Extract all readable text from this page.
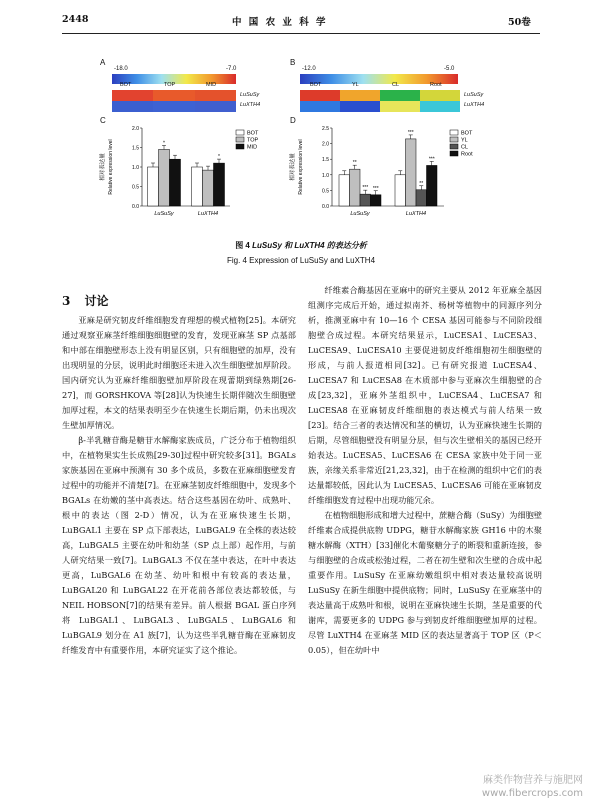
2448	中 国 农 业 科 学	50卷
A
-18.0	-7.0
BOT	TOP	MID
LuSuSy
LuXTH4
B
-12.0	-5.0
BOT	YL	CL	Root
LuSuSy
LuXTH4
C	D
相对表达量 Relative expression level
0.0
0.5
1.0
1.5
2.0
*
LuSuSy
*
LuXTH4
BOT
TOP
MID
相对表达量 Relative expression level
0.0
0.5
1.0
1.5
2.0
2.5
**
*** ***
LuSuSy
***
**
***
LuXTH4
BOT
YL
CL
Root
图 4 LuSuSy 和 LuXTH4 的表达分析
Fig. 4 Expression of LuSuSy and LuXTH4
3 讨论

亚麻是研究韧皮纤维细胞发育理想的模式植物[25]。本研究通过观察亚麻茎纤维细胞细胞壁的发育，发现亚麻茎 SP 点基部和中部在细胞壁形态上没有明显区别，只有细胞壁的加厚，没有出现明显的分层，说明此时细胞还未进入次生细胞壁加厚阶段。国内研究认为亚麻纤维细胞壁加厚阶段在现蕾期到绿熟期[26-27]，而 GORSHKOVA 等[28]认为快速生长期伴随次生细胞壁加厚过程，本文的结果表明至少在快速生长期后期，仍未出现次生壁加厚情况。

β-半乳糖苷酶是糖苷水解酶家族成员，广泛分布于植物组织中，在植物果实生长成熟[29-30]过程中研究较多[31]。BGALs 家族基因在亚麻中预测有 30 多个成员，多数在亚麻细胞壁发育过程中的功能并不清楚[7]。在亚麻茎韧皮纤维细胞中，发现多个 BGALs 在幼嫩的茎中高表达。结合这些基因在幼叶、成熟叶、根中的表达（图 2-D）情况，认为在亚麻快速生长期，LuBGAL1 主要在 SP 点下部表达，LuBGAL9 在全株的表达较高，LuBGAL5 主要在幼叶和幼茎（SP 点上部）起作用，与前人研究结果一致[7]。LuBGAL3 不仅在茎中表达，在叶中表达更高，LuBGAL6 在幼茎、幼叶和根中有较高的表达量，LuBGAL20 和 LuBGAL22 在开花前各部位表达都较低，与 NEIL HOBSON[7]的结果有差异。前人根据 BGAL 蛋白序列将 LuBGAL1、LuBGAL3、LuBGAL5、LuBGAL6 和 LuBGAL9 划分在 A1 族[7]，认为这些半乳糖苷酶在亚麻韧皮纤维发育中有重要作用，本研究证实了这个推论。

纤维素合酶基因在亚麻中的研究主要从 2012 年亚麻全基因组测序完成后开始，通过拟南芥、杨树等植物中的同源序列分析，推测亚麻中有 10—16 个 CESA 基因可能参与不同阶段细胞壁合成过程。本研究结果显示，LuCESA1、LuCESA3、LuCESA9、LuCESA10 主要促进韧皮纤维细胞初生细胞壁的形成，与前人报道相同[32]。已有研究报道 LuCESA4、LuCESA7 和 LuCESA8 在木质部中参与亚麻次生细胞壁的合成[23,32]，亚麻外茎组织中，LuCESA4、LuCESA7 和 LuCESA8 在亚麻韧皮纤维细胞的表达模式与前人结果一致[23]。结合三者的表达情况和茎的横切，认为亚麻快速生长期的后期，尽管细胞壁没有明显分层，但与次生壁相关的基因已经开始表达。LuCESA5、LuCESA6 在 CESA 家族中处于同一亚族，亲缘关系非常近[21,23,32]，由于在检测的组织中它们的表达量都较低，因此认为 LuCESA5、LuCESA6 可能在亚麻韧皮纤维细胞发育过程中出现功能冗余。

在植物细胞形成和增大过程中，蔗糖合酶（SuSy）为细胞壁纤维素合成提供底物 UDPG，糖苷水解酶家族 GH16 中的木聚糖水解酶（XTH）[33]催化木葡聚糖分子的断裂和重新连接，参与细胞壁的合成或松弛过程，二者在初生壁和次生壁的合成中起重要作用。LuSuSy 在亚麻幼嫩组织中相对表达量较高说明 LuSuSy 在新生细胞中提供底物；同时，LuSuSy 在亚麻茎中的表达量高于成熟叶和根，说明在亚麻快速生长期，茎是重要的代谢库，需要更多的 UDPG 参与到韧皮纤维细胞壁加厚的过程。尽管 LuXTH4 在亚麻茎 MID 区的表达显著高于 TOP 区（P＜0.05），但在幼叶中

麻类作物营养与施肥网
www.fibercrops.com
